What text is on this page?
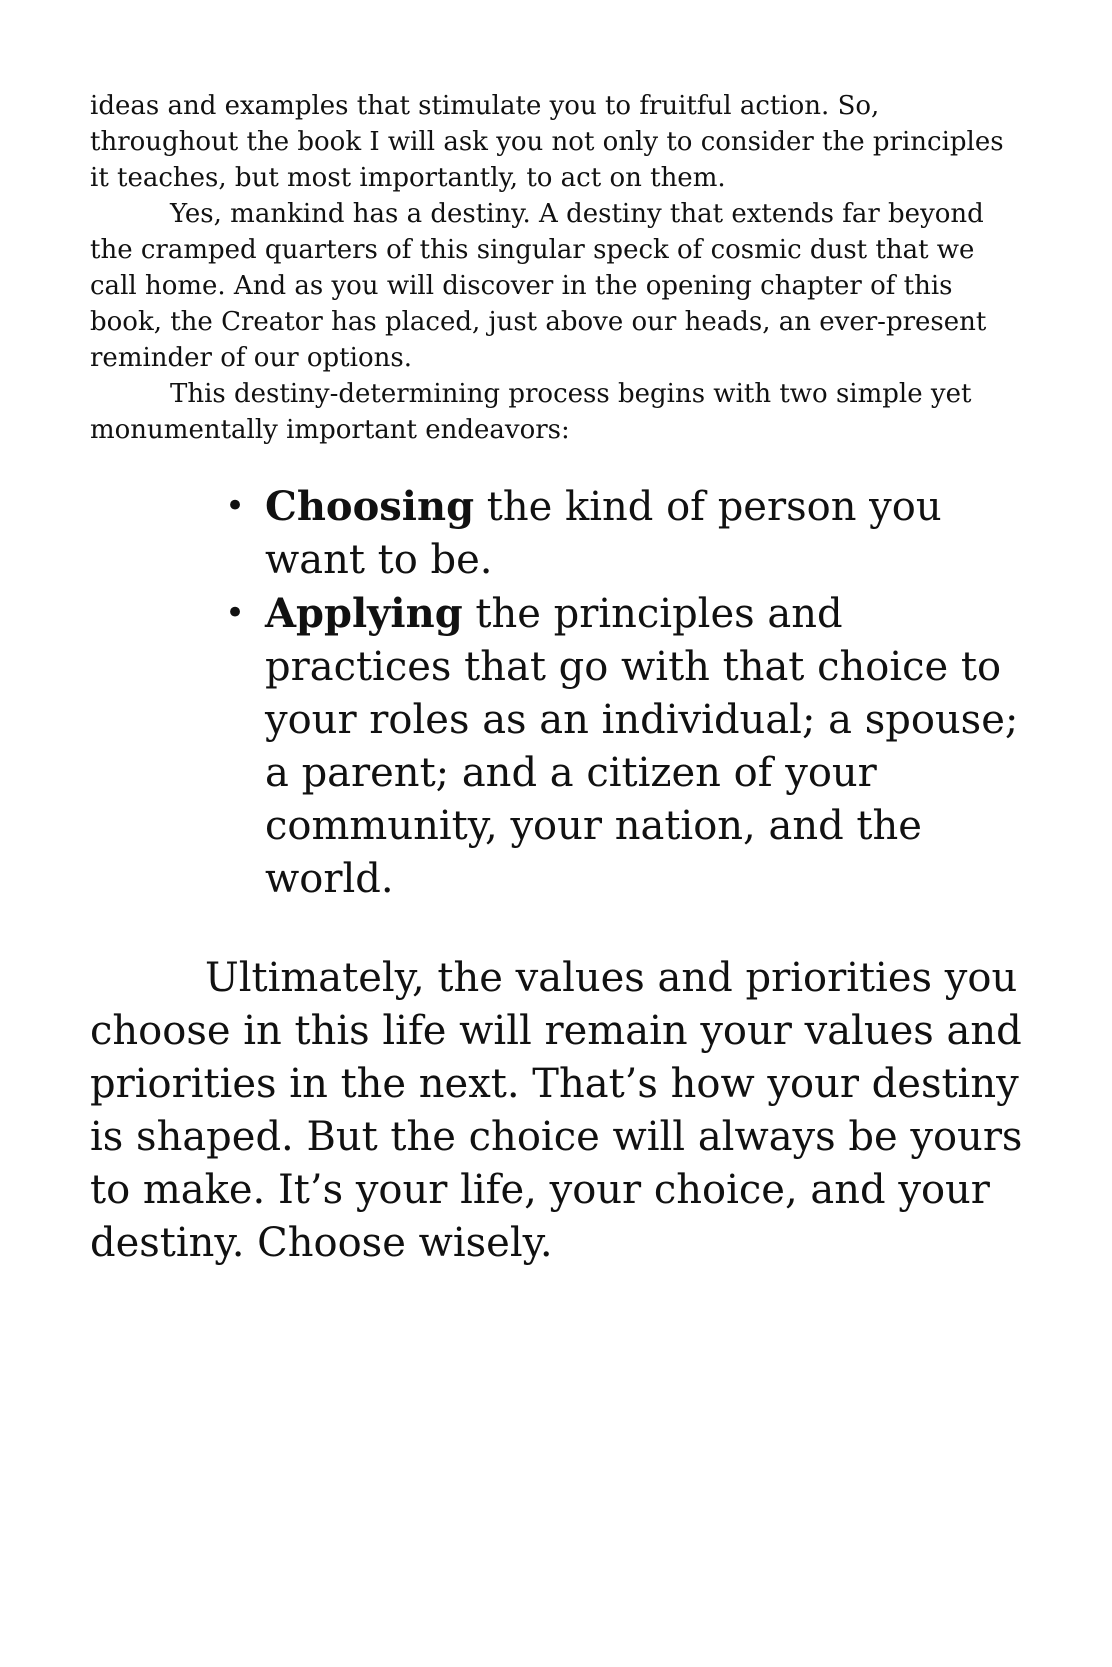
ideas and examples that stimulate you to fruitful action. So, throughout the book I will ask you not only to consider the principles it teaches, but most importantly, to act on them.

Yes, mankind has a destiny. A destiny that extends far beyond the cramped quarters of this singular speck of cosmic dust that we call home. And as you will discover in the opening chapter of this book, the Creator has placed, just above our heads, an ever-present reminder of our options.

This destiny-determining process begins with two simple yet monumentally important endeavors:

• Choosing the kind of person you want to be.
• Applying the principles and practices that go with that choice to your roles as an individual; a spouse; a parent; and a citizen of your community, your nation, and the world.

Ultimately, the values and priorities you choose in this life will remain your values and priorities in the next. That’s how your destiny is shaped. But the choice will always be yours to make. It’s your life, your choice, and your destiny. Choose wisely.
